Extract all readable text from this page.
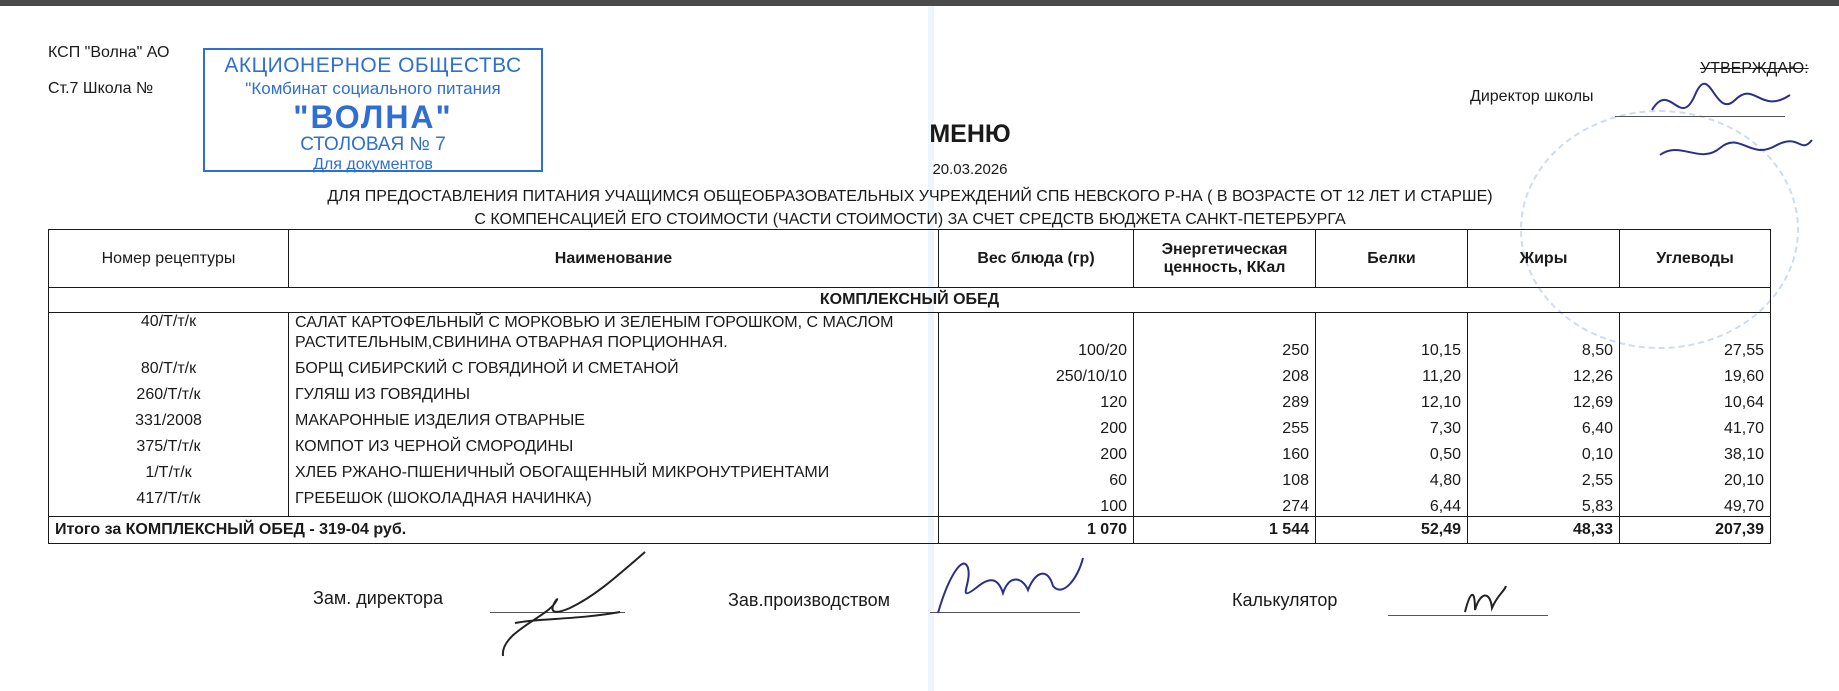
КСП "Волна" АО
Ст.7 Школа №
АКЦИОНЕРНОЕ ОБЩЕСТВС
"Комбинат социального питания
"ВОЛНА"
СТОЛОВАЯ № 7
Для документов
УТВЕРЖДАЮ:
Директор школы
МЕНЮ
20.03.2026
ДЛЯ ПРЕДОСТАВЛЕНИЯ ПИТАНИЯ УЧАЩИМСЯ ОБЩЕОБРАЗОВАТЕЛЬНЫХ УЧРЕЖДЕНИЙ СПБ НЕВСКОГО Р-НА ( В ВОЗРАСТЕ ОТ 12 ЛЕТ И СТАРШЕ)
С КОМПЕНСАЦИЕЙ ЕГО СТОИМОСТИ (ЧАСТИ СТОИМОСТИ) ЗА СЧЕТ СРЕДСТВ БЮДЖЕТА САНКТ-ПЕТЕРБУРГА
Номер рецептуры	Наименование	Вес блюда (гр)	Энергетическая ценность, ККал	Белки	Жиры	Углеводы
КОМПЛЕКСНЫЙ ОБЕД						
40/Т/т/к	САЛАТ КАРТОФЕЛЬНЫЙ С МОРКОВЬЮ И ЗЕЛЕНЫМ ГОРОШКОМ, С МАСЛОМ РАСТИТЕЛЬНЫМ,СВИНИНА ОТВАРНАЯ ПОРЦИОННАЯ.	100/20	250	10,15	8,50	27,55
80/Т/т/к	БОРЩ СИБИРСКИЙ С ГОВЯДИНОЙ И СМЕТАНОЙ	250/10/10	208	11,20	12,26	19,60
260/Т/т/к	ГУЛЯШ ИЗ ГОВЯДИНЫ	120	289	12,10	12,69	10,64
331/2008	МАКАРОННЫЕ ИЗДЕЛИЯ ОТВАРНЫЕ	200	255	7,30	6,40	41,70
375/Т/т/к	КОМПОТ ИЗ ЧЕРНОЙ СМОРОДИНЫ	200	160	0,50	0,10	38,10
1/Т/т/к	ХЛЕБ РЖАНО-ПШЕНИЧНЫЙ ОБОГАЩЕННЫЙ МИКРОНУТРИЕНТАМИ	60	108	4,80	2,55	20,10
417/Т/т/к	ГРЕБЕШОК (ШОКОЛАДНАЯ НАЧИНКА)	100	274	6,44	5,83	49,70
Итого за КОМПЛЕКСНЫЙ ОБЕД - 319-04 руб.		1 070	1 544	52,49	48,33	207,39
Зам. директора	Зав.производством	Калькулятор
